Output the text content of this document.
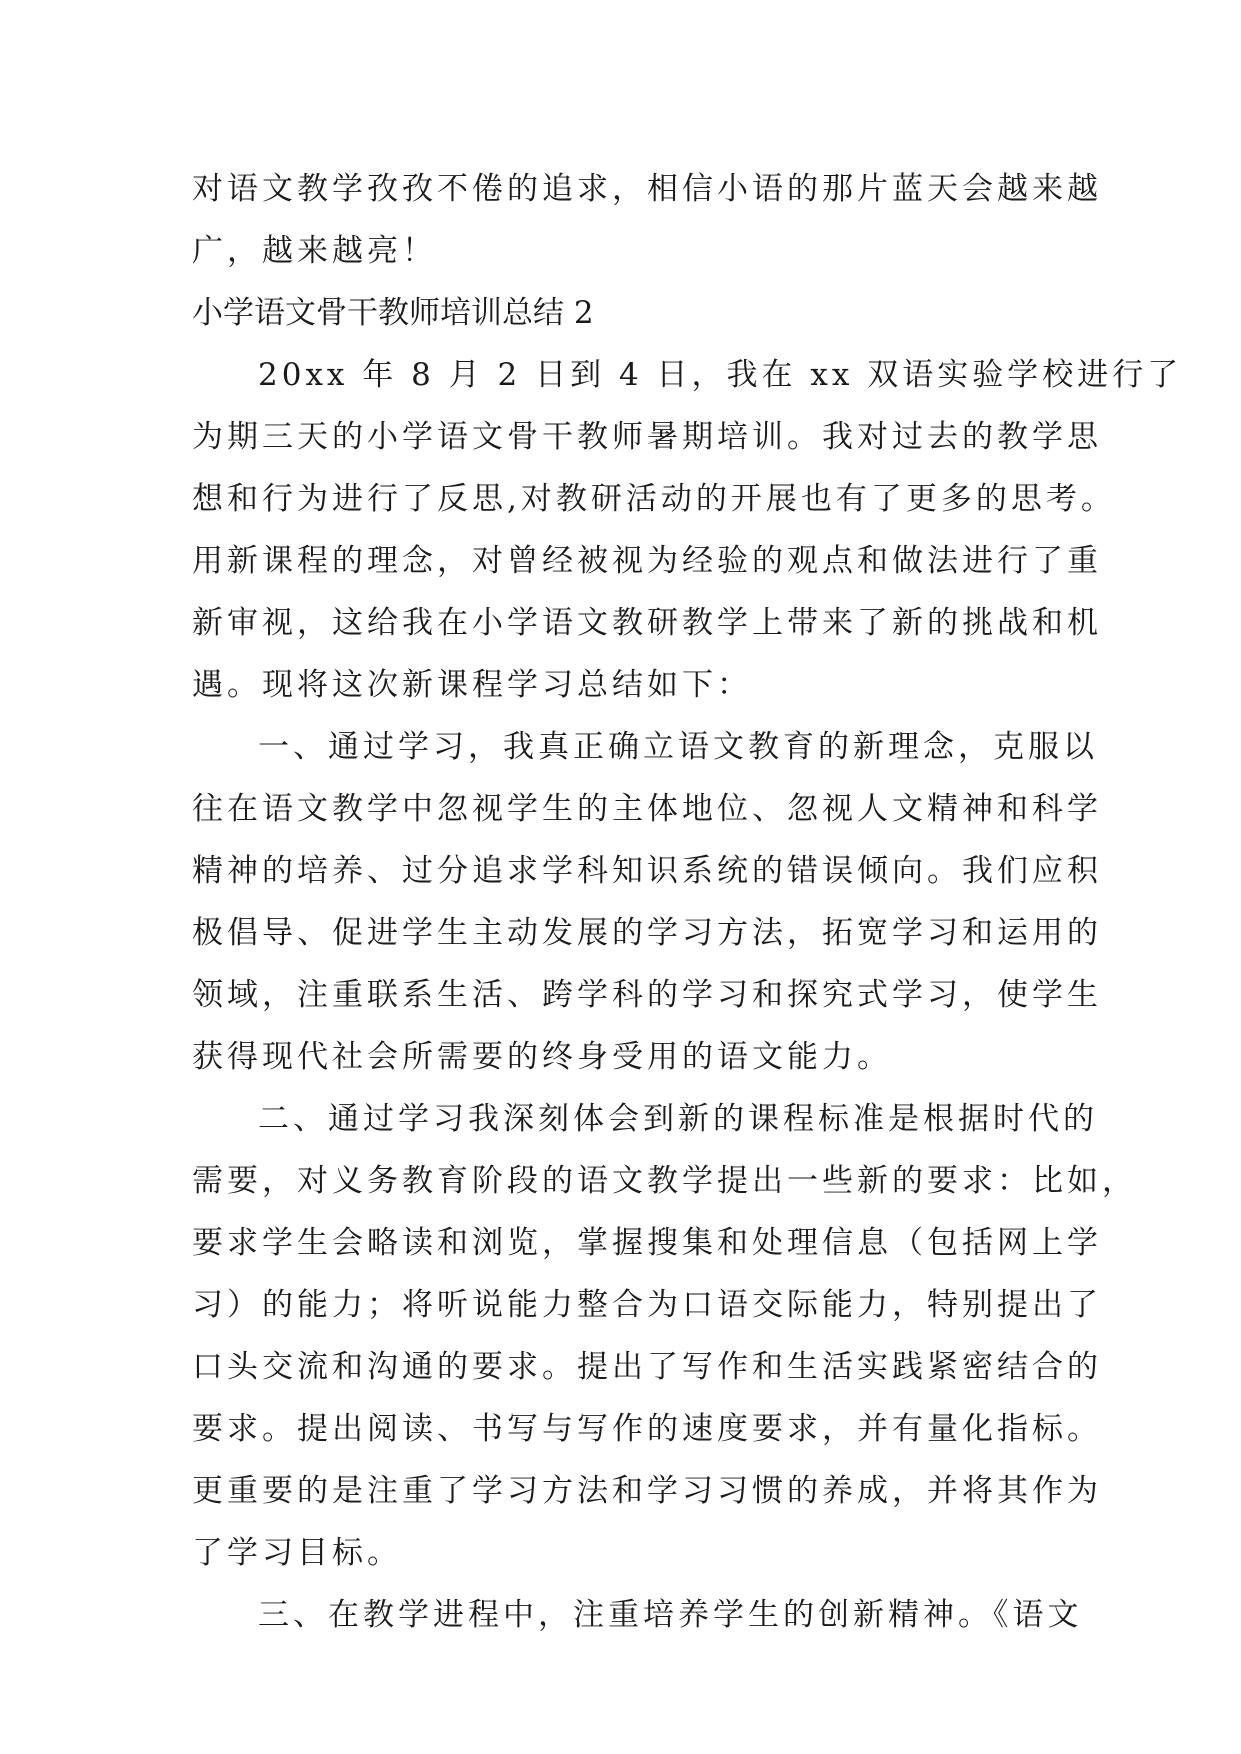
对语文教学孜孜不倦的追求，相信小语的那片蓝天会越来越
广，越来越亮！
小学语文骨干教师培训总结 2
20xx 年 8 月 2 日到 4 日，我在 xx 双语实验学校进行了
为期三天的小学语文骨干教师暑期培训。我对过去的教学思
想和行为进行了反思,对教研活动的开展也有了更多的思考。
用新课程的理念，对曾经被视为经验的观点和做法进行了重
新审视，这给我在小学语文教研教学上带来了新的挑战和机
遇。现将这次新课程学习总结如下：
一、通过学习，我真正确立语文教育的新理念，克服以
往在语文教学中忽视学生的主体地位、忽视人文精神和科学
精神的培养、过分追求学科知识系统的错误倾向。我们应积
极倡导、促进学生主动发展的学习方法，拓宽学习和运用的
领域，注重联系生活、跨学科的学习和探究式学习，使学生
获得现代社会所需要的终身受用的语文能力。
二、通过学习我深刻体会到新的课程标准是根据时代的
需要，对义务教育阶段的语文教学提出一些新的要求：比如，
要求学生会略读和浏览，掌握搜集和处理信息（包括网上学
习）的能力；将听说能力整合为口语交际能力，特别提出了
口头交流和沟通的要求。提出了写作和生活实践紧密结合的
要求。提出阅读、书写与写作的速度要求，并有量化指标。
更重要的是注重了学习方法和学习习惯的养成，并将其作为
了学习目标。
三、在教学进程中，注重培养学生的创新精神。《语文
